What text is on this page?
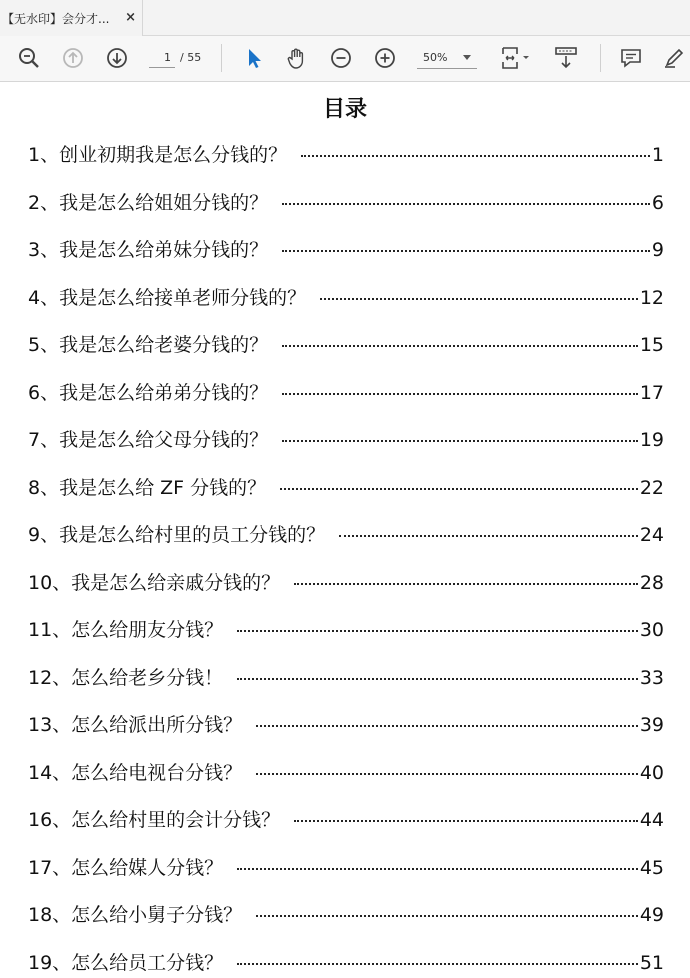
【无水印】会分才... ×
1
/ 55	50%
目录
1、创业初期我是怎么分钱的？	1
2、我是怎么给姐姐分钱的？	6
3、我是怎么给弟妹分钱的？	9
4、我是怎么给接单老师分钱的？	12
5、我是怎么给老婆分钱的？	15
6、我是怎么给弟弟分钱的？	17
7、我是怎么给父母分钱的？	19
8、我是怎么给 ZF 分钱的？	22
9、我是怎么给村里的员工分钱的？	24
10、我是怎么给亲戚分钱的？	28
11、怎么给朋友分钱？	30
12、怎么给老乡分钱！	33
13、怎么给派出所分钱？	39
14、怎么给电视台分钱？	40
16、怎么给村里的会计分钱？	44
17、怎么给媒人分钱？	45
18、怎么给小舅子分钱？	49
19、怎么给员工分钱？	51
